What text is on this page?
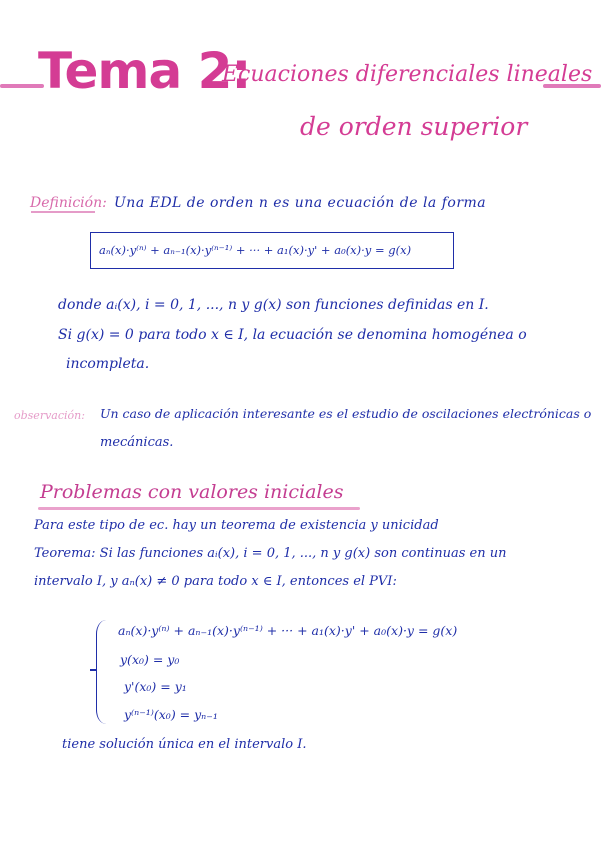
Tema 2:
Ecuaciones diferenciales lineales
de orden superior
Definición: Una EDL de orden n es una ecuación de la forma
aₙ(x)·y⁽ⁿ⁾ + aₙ₋₁(x)·y⁽ⁿ⁻¹⁾ + ··· + a₁(x)·y' + a₀(x)·y = g(x)
donde aᵢ(x), i = 0, 1, ..., n y g(x) son funciones definidas en I.
Si g(x) = 0 para todo x ∈ I, la ecuación se denomina homogénea o
incompleta.
observación: Un caso de aplicación interesante es el estudio de oscilaciones electrónicas o
mecánicas.
Problemas con valores iniciales
Para este tipo de ec. hay un teorema de existencia y unicidad
Teorema: Si las funciones aᵢ(x), i = 0, 1, ..., n y g(x) son continuas en un
intervalo I, y aₙ(x) ≠ 0 para todo x ∈ I, entonces el PVI:
aₙ(x)·y⁽ⁿ⁾ + aₙ₋₁(x)·y⁽ⁿ⁻¹⁾ + ··· + a₁(x)·y' + a₀(x)·y = g(x)
y(x₀) = y₀
y'(x₀) = y₁
y⁽ⁿ⁻¹⁾(x₀) = yₙ₋₁
tiene solución única en el intervalo I.
